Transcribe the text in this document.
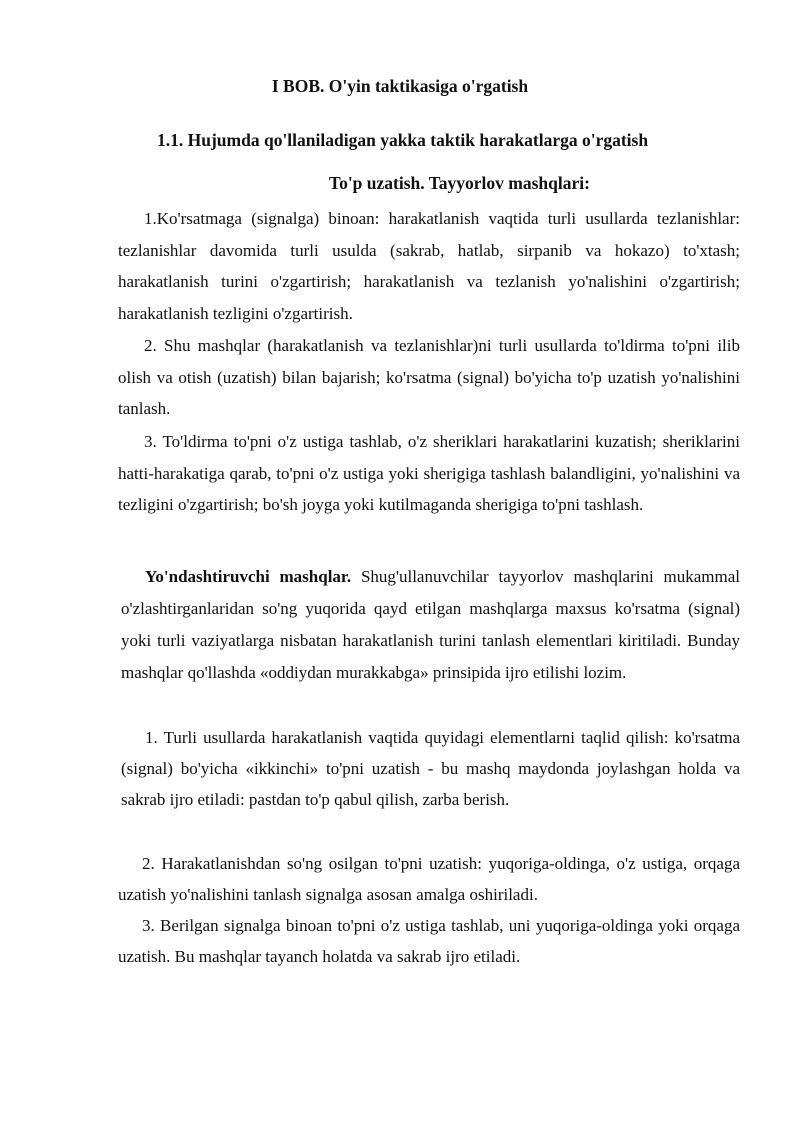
I BOB. O'yin taktikasiga o'rgatish
1.1. Hujumda qo'llaniladigan yakka taktik harakatlarga o'rgatish
To'p uzatish. Tayyorlov mashqlari:

1.Ko'rsatmaga (signalga) binoan: harakatlanish vaqtida turli usullarda tezlanishlar: tezlanishlar davomida turli usulda (sakrab, hatlab, sirpanib va hokazo) to'xtash; harakatlanish turini o'zgartirish; harakatlanish va tezlanish yo'nalishini o'zgartirish; harakatlanish tezligini o'zgartirish.

2. Shu mashqlar (harakatlanish va tezlanishlar)ni turli usullarda to'ldirma to'pni ilib olish va otish (uzatish) bilan bajarish; ko'rsatma (signal) bo'yicha to'p uzatish yo'nalishini tanlash.

3. To'ldirma to'pni o'z ustiga tashlab, o'z sheriklari harakatlarini kuzatish; sheriklarini hatti-harakatiga qarab, to'pni o'z ustiga yoki sherigiga tashlash balandligini, yo'nalishini va tezligini o'zgartirish; bo'sh joyga yoki kutilmaganda sherigiga to'pni tashlash.

Yo'ndashtiruvchi mashqlar. Shug'ullanuvchilar tayyorlov mashqlarini mukammal o'zlashtirganlaridan so'ng yuqorida qayd etilgan mashqlarga maxsus ko'rsatma (signal) yoki turli vaziyatlarga nisbatan harakatlanish turini tanlash elementlari kiritiladi. Bunday mashqlar qo'llashda «oddiydan murakkabga» prinsipida ijro etilishi lozim.

1. Turli usullarda harakatlanish vaqtida quyidagi elementlarni taqlid qilish: ko'rsatma (signal) bo'yicha «ikkinchi» to'pni uzatish - bu mashq maydonda joylashgan holda va sakrab ijro etiladi: pastdan to'p qabul qilish, zarba berish.

2. Harakatlanishdan so'ng osilgan to'pni uzatish: yuqoriga-oldinga, o'z ustiga, orqaga uzatish yo'nalishini tanlash signalga asosan amalga oshiriladi.

3. Berilgan signalga binoan to'pni o'z ustiga tashlab, uni yuqoriga-oldinga yoki orqaga uzatish. Bu mashqlar tayanch holatda va sakrab ijro etiladi.
